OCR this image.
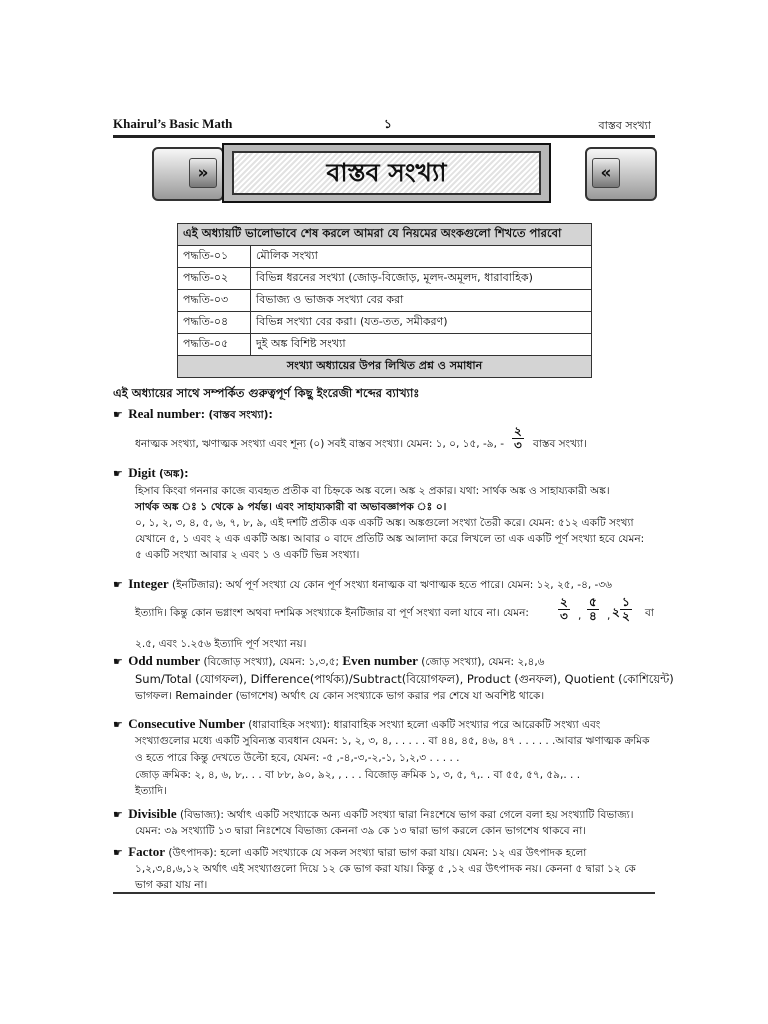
Khairul’s Basic Math	১	বাস্তব সংখ্যা
»	বাস্তব সংখ্যা	«
এই অধ্যায়টি ভালোভাবে শেষ করলে আমরা যে নিয়মের অংকগুলো শিখতে পারবো	
পদ্ধতি-০১	মৌলিক সংখ্যা
পদ্ধতি-০২	বিভিন্ন ধরনের সংখ্যা (জোড়-বিজোড়, মূলদ-অমূলদ, ধারাবাহিক)
পদ্ধতি-০৩	বিভাজ্য ও ভাজক সংখ্যা বের করা
পদ্ধতি-০৪	বিভিন্ন সংখ্যা বের করা। (যত-তত, সমীকরণ)
পদ্ধতি-০৫	দুই অঙ্ক বিশিষ্ট সংখ্যা
সংখ্যা অধ্যায়ের উপর লিখিত প্রশ্ন ও সমাধান	
এই অধ্যায়ের সাথে সম্পর্কিত গুরুত্বপূর্ণ কিছু ইংরেজী শব্দের ব্যাখ্যাঃ
☛ Real number: (বাস্তব সংখ্যা):
ধনাত্মক সংখ্যা, ঋণাত্মক সংখ্যা এবং শূন্য (০) সবই বাস্তব সংখ্যা। যেমন: ১, ০, ১৫, -৯, -
২
৩ বাস্তব সংখ্যা।
☛ Digit (অঙ্ক):
হিসাব কিংবা গননার কাজে ব্যবহৃত প্রতীক বা চিহ্নকে অঙ্ক বলে। অঙ্ক ২ প্রকার। যথা: সার্থক অঙ্ক ও সাহায্যকারী অঙ্ক।
সার্থক অঙ্ক ঃ ১ থেকে ৯ পর্যন্ত। এবং সাহায্যকারী বা অভাবজ্ঞাপক ঃ ০।
০, ১, ২, ৩, ৪, ৫, ৬, ৭, ৮, ৯, এই দশটি প্রতীক এক একটি অঙ্ক। অঙ্কগুলো সংখ্যা তৈরী করে। যেমন: ৫১২ একটি সংখ্যা
যেখানে ৫, ১ এবং ২ এক একটি অঙ্ক। আবার ০ বাদে প্রতিটি অঙ্ক আলাদা করে লিখলে তা এক একটি পূর্ণ সংখ্যা হবে যেমন:
৫ একটি সংখ্যা আবার ২ এবং ১ ও একটি ভিন্ন সংখ্যা।
☛ Integer (ইনটিজার): অর্থ পূর্ণ সংখ্যা যে কোন পূর্ণ সংখ্যা ধনাত্মক বা ঋণাত্মক হতে পারে। যেমন: ১২, ২৫, -৪, -৩৬
ইত্যাদি। কিন্তু কোন ভগ্নাংশ অথবা দশমিক সংখ্যাকে ইনটিজার বা পূর্ণ সংখ্যা বলা যাবে না। যেমন:
২
৩ ,
৫
৪ , ২
১
২ বা
২.৫, এবং ১.২৫৬ ইত্যাদি পূর্ণ সংখ্যা নয়।
☛ Odd number (বিজোড় সংখ্যা), যেমন: ১,৩,৫; Even number (জোড় সংখ্যা), যেমন: ২,৪,৬
Sum/Total (যোগফল), Difference(পার্থক্য)/Subtract(বিয়োগফল), Product (গুনফল), Quotient (কোশিয়েন্ট)
ভাগফল। Remainder (ভাগশেষ) অর্থাৎ যে কোন সংখ্যাকে ভাগ করার পর শেষে যা অবশিষ্ট থাকে।
☛ Consecutive Number (ধারাবাহিক সংখ্যা): ধারাবাহিক সংখ্যা হলো একটি সংখ্যার পরে আরেকটি সংখ্যা এবং
সংখ্যাগুলোর মধ্যে একটি সুবিন্যস্ত ব্যবধান যেমন: ১, ২, ৩, ৪, . . . . . বা ৪৪, ৪৫, ৪৬, ৪৭ . . . . . .আবার ঋণাত্মক ক্রমিক
ও হতে পারে কিন্তু দেখতে উল্টো হবে, যেমন: -৫ ,-৪,-৩,-২,-১, ১,২,৩ . . . . .
জোড় ক্রমিক: ২, ৪, ৬, ৮,. . . বা ৮৮, ৯০, ৯২, , . . . বিজোড় ক্রমিক ১, ৩, ৫, ৭,. . বা ৫৫, ৫৭, ৫৯,. . .
ইত্যাদি।
☛ Divisible (বিভাজ্য): অর্থাৎ একটি সংখ্যাকে অন্য একটি সংখ্যা দ্বারা নিঃশেষে ভাগ করা গেলে বলা হয় সংখ্যাটি বিভাজ্য।
যেমন: ৩৯ সংখ্যাটি ১৩ দ্বারা নিঃশেষে বিভাজ্য কেননা ৩৯ কে ১৩ দ্বারা ভাগ করলে কোন ভাগশেষ থাকবে না।
☛ Factor (উৎপাদক): হলো একটি সংখ্যাকে যে সকল সংখ্যা দ্বারা ভাগ করা যায়। যেমন: ১২ এর উৎপাদক হলো
১,২,৩,৪,৬,১২ অর্থাৎ এই সংখ্যাগুলো দিয়ে ১২ কে ভাগ করা যায়। কিন্তু ৫ ,১২ এর উৎপাদক নয়। কেননা ৫ দ্বারা ১২ কে
ভাগ করা যায় না।
